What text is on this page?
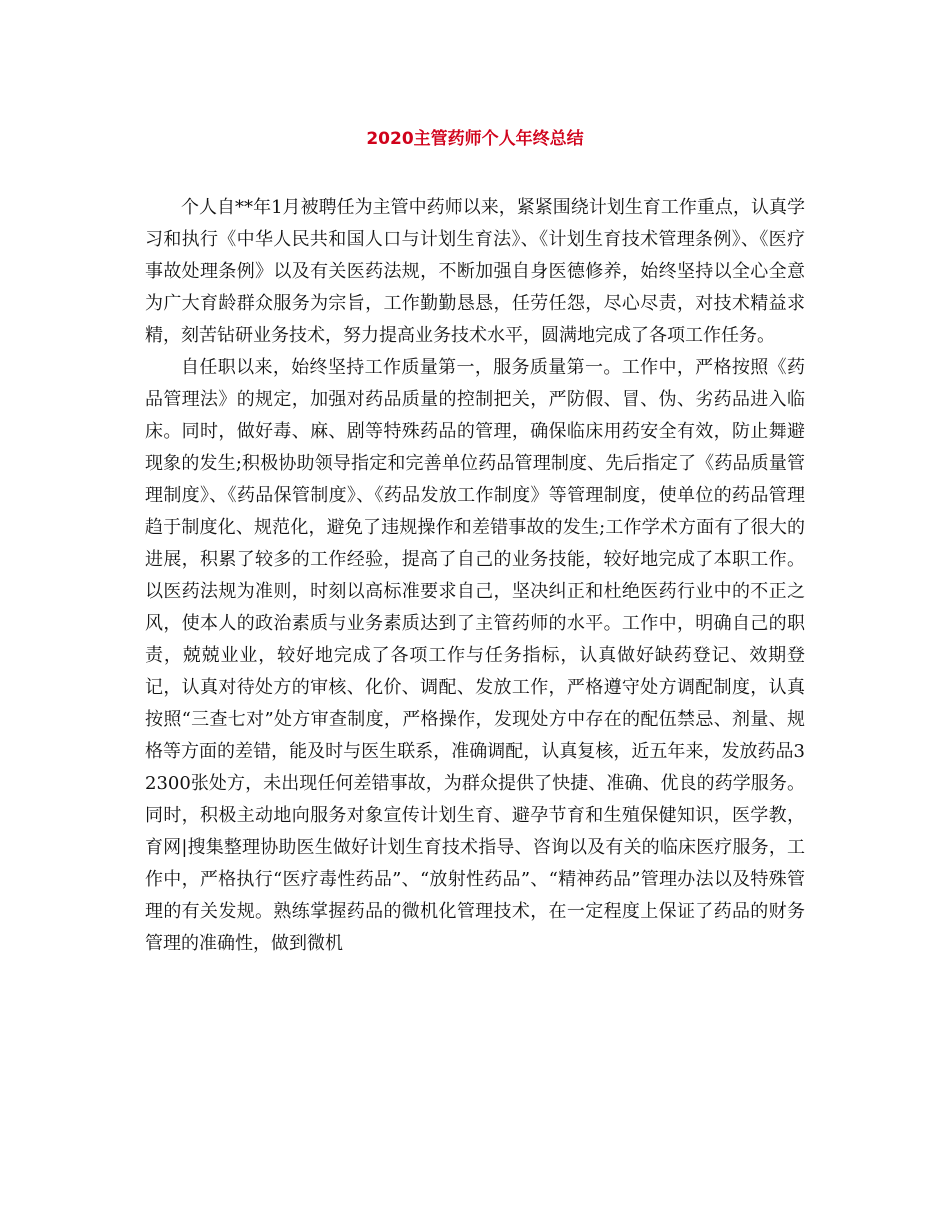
2020主管药师个人年终总结

个人自**年1月被聘任为主管中药师以来，紧紧围绕计划生育工作重点，认真学习和执行《中华人民共和国人口与计划生育法》、《计划生育技术管理条例》、《医疗事故处理条例》以及有关医药法规，不断加强自身医德修养，始终坚持以全心全意为广大育龄群众服务为宗旨，工作勤勤恳恳，任劳任怨，尽心尽责，对技术精益求精，刻苦钻研业务技术，努力提高业务技术水平，圆满地完成了各项工作任务。

自任职以来，始终坚持工作质量第一，服务质量第一。工作中，严格按照《药品管理法》的规定，加强对药品质量的控制把关，严防假、冒、伪、劣药品进入临床。同时，做好毒、麻、剧等特殊药品的管理，确保临床用药安全有效，防止舞避现象的发生;积极协助领导指定和完善单位药品管理制度、先后指定了《药品质量管理制度》、《药品保管制度》、《药品发放工作制度》等管理制度，使单位的药品管理趋于制度化、规范化，避免了违规操作和差错事故的发生;工作学术方面有了很大的进展，积累了较多的工作经验，提高了自己的业务技能，较好地完成了本职工作。以医药法规为准则，时刻以高标准要求自己，坚决纠正和杜绝医药行业中的不正之风，使本人的政治素质与业务素质达到了主管药师的水平。工作中，明确自己的职责，兢兢业业，较好地完成了各项工作与任务指标，认真做好缺药登记、效期登记，认真对待处方的审核、化价、调配、发放工作，严格遵守处方调配制度，认真按照“三查七对”处方审查制度，严格操作，发现处方中存在的配伍禁忌、剂量、规格等方面的差错，能及时与医生联系，准确调配，认真复核，近五年来，发放药品32300张处方，未出现任何差错事故，为群众提供了快捷、准确、优良的药学服务。同时，积极主动地向服务对象宣传计划生育、避孕节育和生殖保健知识，医学教，育网|搜集整理协助医生做好计划生育技术指导、咨询以及有关的临床医疗服务，工作中，严格执行“医疗毒性药品”、“放射性药品”、“精神药品”管理办法以及特殊管理的有关发规。熟练掌握药品的微机化管理技术，在一定程度上保证了药品的财务管理的准确性，做到微机
